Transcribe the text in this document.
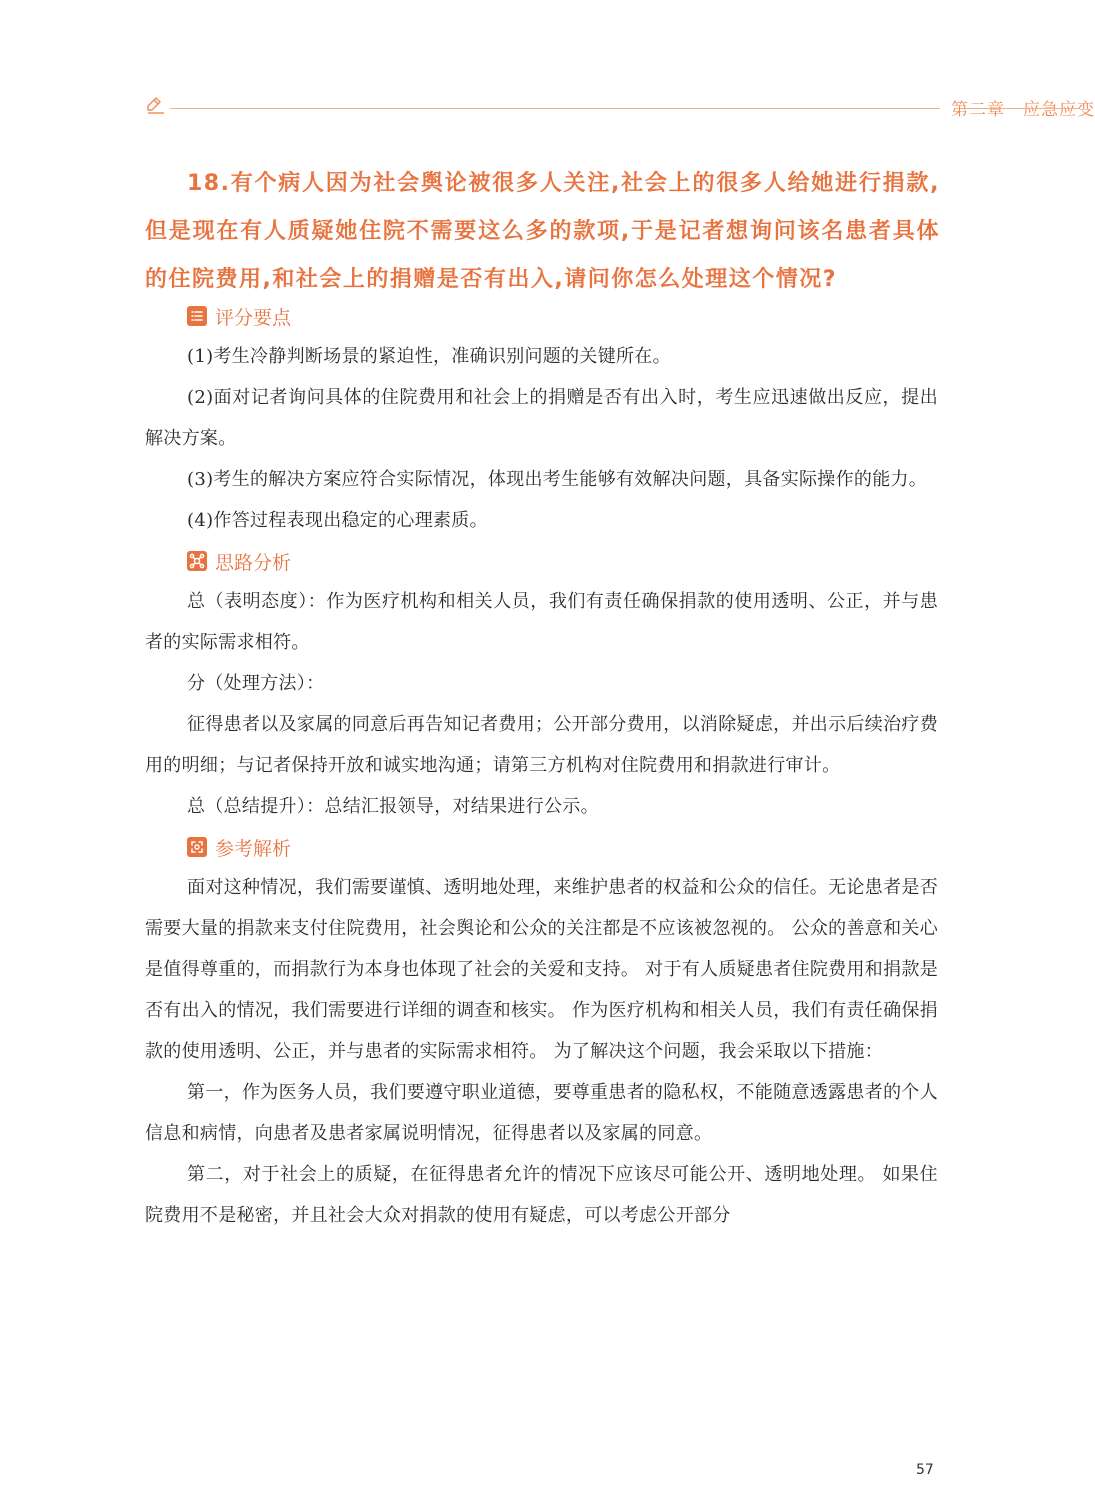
第二章　应急应变
18.有个病人因为社会舆论被很多人关注,社会上的很多人给她进行捐款,但是现在有人质疑她住院不需要这么多的款项,于是记者想询问该名患者具体的住院费用,和社会上的捐赠是否有出入,请问你怎么处理这个情况?
评分要点

(1)考生冷静判断场景的紧迫性，准确识别问题的关键所在。

(2)面对记者询问具体的住院费用和社会上的捐赠是否有出入时，考生应迅速做出反应，提出解决方案。

(3)考生的解决方案应符合实际情况，体现出考生能够有效解决问题，具备实际操作的能力。

(4)作答过程表现出稳定的心理素质。

思路分析

总（表明态度）：作为医疗机构和相关人员，我们有责任确保捐款的使用透明、公正，并与患者的实际需求相符。

分（处理方法）：

征得患者以及家属的同意后再告知记者费用；公开部分费用，以消除疑虑，并出示后续治疗费用的明细；与记者保持开放和诚实地沟通；请第三方机构对住院费用和捐款进行审计。

总（总结提升）：总结汇报领导，对结果进行公示。

参考解析

面对这种情况，我们需要谨慎、透明地处理，来维护患者的权益和公众的信任。无论患者是否需要大量的捐款来支付住院费用，社会舆论和公众的关注都是不应该被忽视的。 公众的善意和关心是值得尊重的，而捐款行为本身也体现了社会的关爱和支持。 对于有人质疑患者住院费用和捐款是否有出入的情况，我们需要进行详细的调查和核实。 作为医疗机构和相关人员，我们有责任确保捐款的使用透明、公正，并与患者的实际需求相符。 为了解决这个问题，我会采取以下措施：

第一，作为医务人员，我们要遵守职业道德，要尊重患者的隐私权，不能随意透露患者的个人信息和病情，向患者及患者家属说明情况，征得患者以及家属的同意。

第二，对于社会上的质疑，在征得患者允许的情况下应该尽可能公开、透明地处理。 如果住院费用不是秘密，并且社会大众对捐款的使用有疑虑，可以考虑公开部分

57
